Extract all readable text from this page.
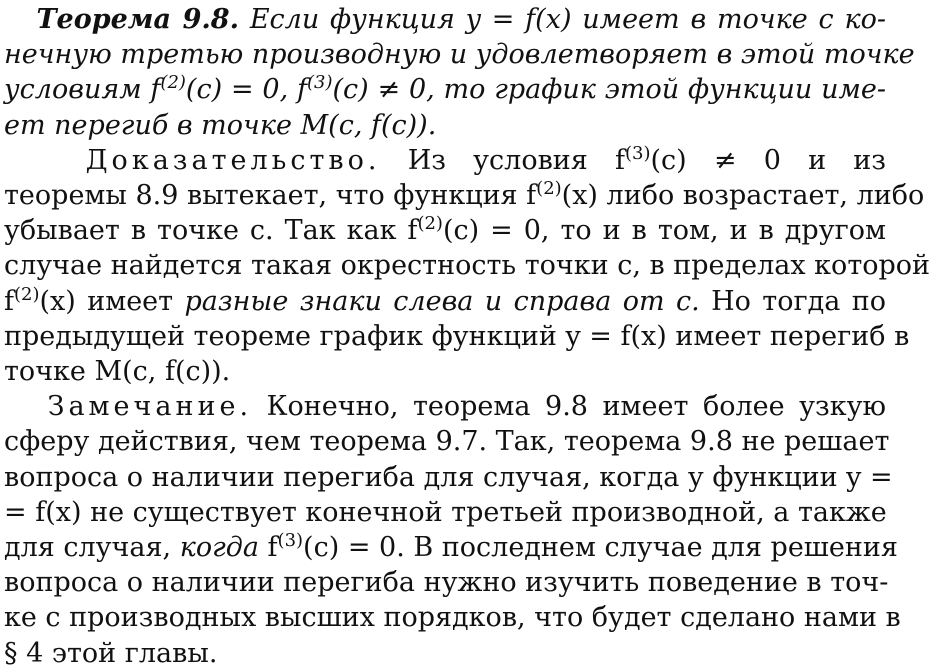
Теорема 9.8. Если функция y = f(x) имеет в точке c ко-
нечную третью производную и удовлетворяет в этой точке
условиям $f^{(2)}(c) = 0$, $f^{(3)}(c) \ne 0$, то график этой функции име-
ет перегиб в точке M(c, f(c)).
Доказательство. Из условия $f^{(3)}(c) \ne 0$ и из
теоремы 8.9 вытекает, что функция $f^{(2)}(x)$ либо возрастает, либо
убывает в точке c. Так как $f^{(2)}(c) = 0$, то и в том, и в другом
случае найдется такая окрестность точки c, в пределах которой
$f^{(2)}(x)$ имеет разные знаки слева и справа от c. Но тогда по
предыдущей теореме график функций y = f(x) имеет перегиб в
точке M(c, f(c)).
Замечание. Конечно, теорема 9.8 имеет более узкую
сферу действия, чем теорема 9.7. Так, теорема 9.8 не решает
вопроса о наличии перегиба для случая, когда у функции y =
= f(x) не существует конечной третьей производной, а также
для случая, когда $f^{(3)}(c) = 0$. В последнем случае для решения
вопроса о наличии перегиба нужно изучить поведение в точ-
ке c производных высших порядков, что будет сделано нами в
§ 4 этой главы.
